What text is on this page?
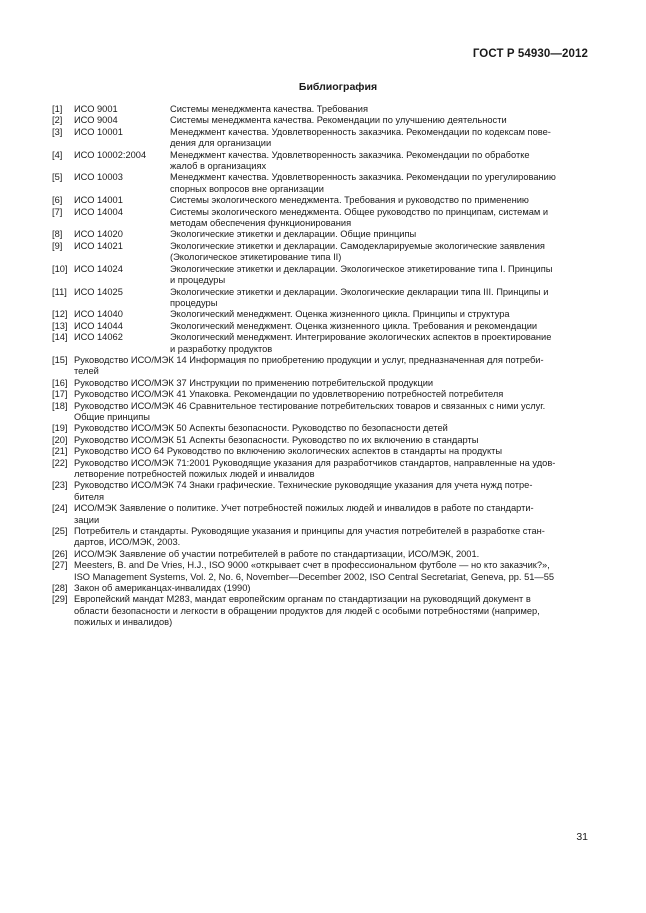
ГОСТ Р 54930—2012
Библиография
[1]	ИСО 9001	Системы менеджмента качества. Требования
[2]	ИСО 9004	Системы менеджмента качества. Рекомендации по улучшению деятельности
[3]	ИСО 10001	Менеджмент качества. Удовлетворенность заказчика. Рекомендации по кодексам пове-
дения для организации
[4]	ИСО 10002:2004	Менеджмент качества. Удовлетворенность заказчика. Рекомендации по обработке
жалоб в организациях
[5]	ИСО 10003	Менеджмент качества. Удовлетворенность заказчика. Рекомендации по урегулированию
спорных вопросов вне организации
[6]	ИСО 14001	Системы экологического менеджмента. Требования и руководство по применению
[7]	ИСО 14004	Системы экологического менеджмента. Общее руководство по принципам, системам и
методам обеспечения функционирования
[8]	ИСО 14020	Экологические этикетки и декларации. Общие принципы
[9]	ИСО 14021	Экологические этикетки и декларации. Самодекларируемые экологические заявления
(Экологическое этикетирование типа II)
[10] ИСО 14024	Экологические этикетки и декларации. Экологическое этикетирование типа I. Принципы
и процедуры
[11] ИСО 14025	Экологические этикетки и декларации. Экологические декларации типа III. Принципы и
процедуры
[12] ИСО 14040	Экологический менеджмент. Оценка жизненного цикла. Принципы и структура
[13] ИСО 14044	Экологический менеджмент. Оценка жизненного цикла. Требования и рекомендации
[14] ИСО 14062	Экологический менеджмент. Интегрирование экологических аспектов в проектирование
и разработку продуктов
[15] Руководство ИСО/МЭК 14 Информация по приобретению продукции и услуг, предназначенная для потреби-
телей
[16] Руководство ИСО/МЭК 37 Инструкции по применению потребительской продукции
[17] Руководство ИСО/МЭК 41 Упаковка. Рекомендации по удовлетворению потребностей потребителя
[18] Руководство ИСО/МЭК 46 Сравнительное тестирование потребительских товаров и связанных с ними услуг.
Общие принципы
[19] Руководство ИСО/МЭК 50 Аспекты безопасности. Руководство по безопасности детей
[20] Руководство ИСО/МЭК 51 Аспекты безопасности. Руководство по их включению в стандарты
[21] Руководство ИСО 64 Руководство по включению экологических аспектов в стандарты на продукты
[22] Руководство ИСО/МЭК 71:2001 Руководящие указания для разработчиков стандартов, направленные на удов-
летворение потребностей пожилых людей и инвалидов
[23] Руководство ИСО/МЭК 74 Знаки графические. Технические руководящие указания для учета нужд потре-
бителя
[24] ИСО/МЭК Заявление о политике. Учет потребностей пожилых людей и инвалидов в работе по стандарти-
зации
[25] Потребитель и стандарты. Руководящие указания и принципы для участия потребителей в разработке стан-
дартов, ИСО/МЭК, 2003.
[26] ИСО/МЭК Заявление об участии потребителей в работе по стандартизации, ИСО/МЭК, 2001.
[27] Meesters, B. and De Vries, H.J., ISO 9000 «открывает счет в профессиональном футболе — но кто заказчик?»,
ISO Management Systems, Vol. 2, No. 6, November—December 2002, ISO Central Secretariat, Geneva, pp. 51—55
[28] Закон об американцах-инвалидах (1990)
[29] Европейский мандат М283, мандат европейским органам по стандартизации на руководящий документ в
области безопасности и легкости в обращении продуктов для людей с особыми потребностями (например,
пожилых и инвалидов)
31
